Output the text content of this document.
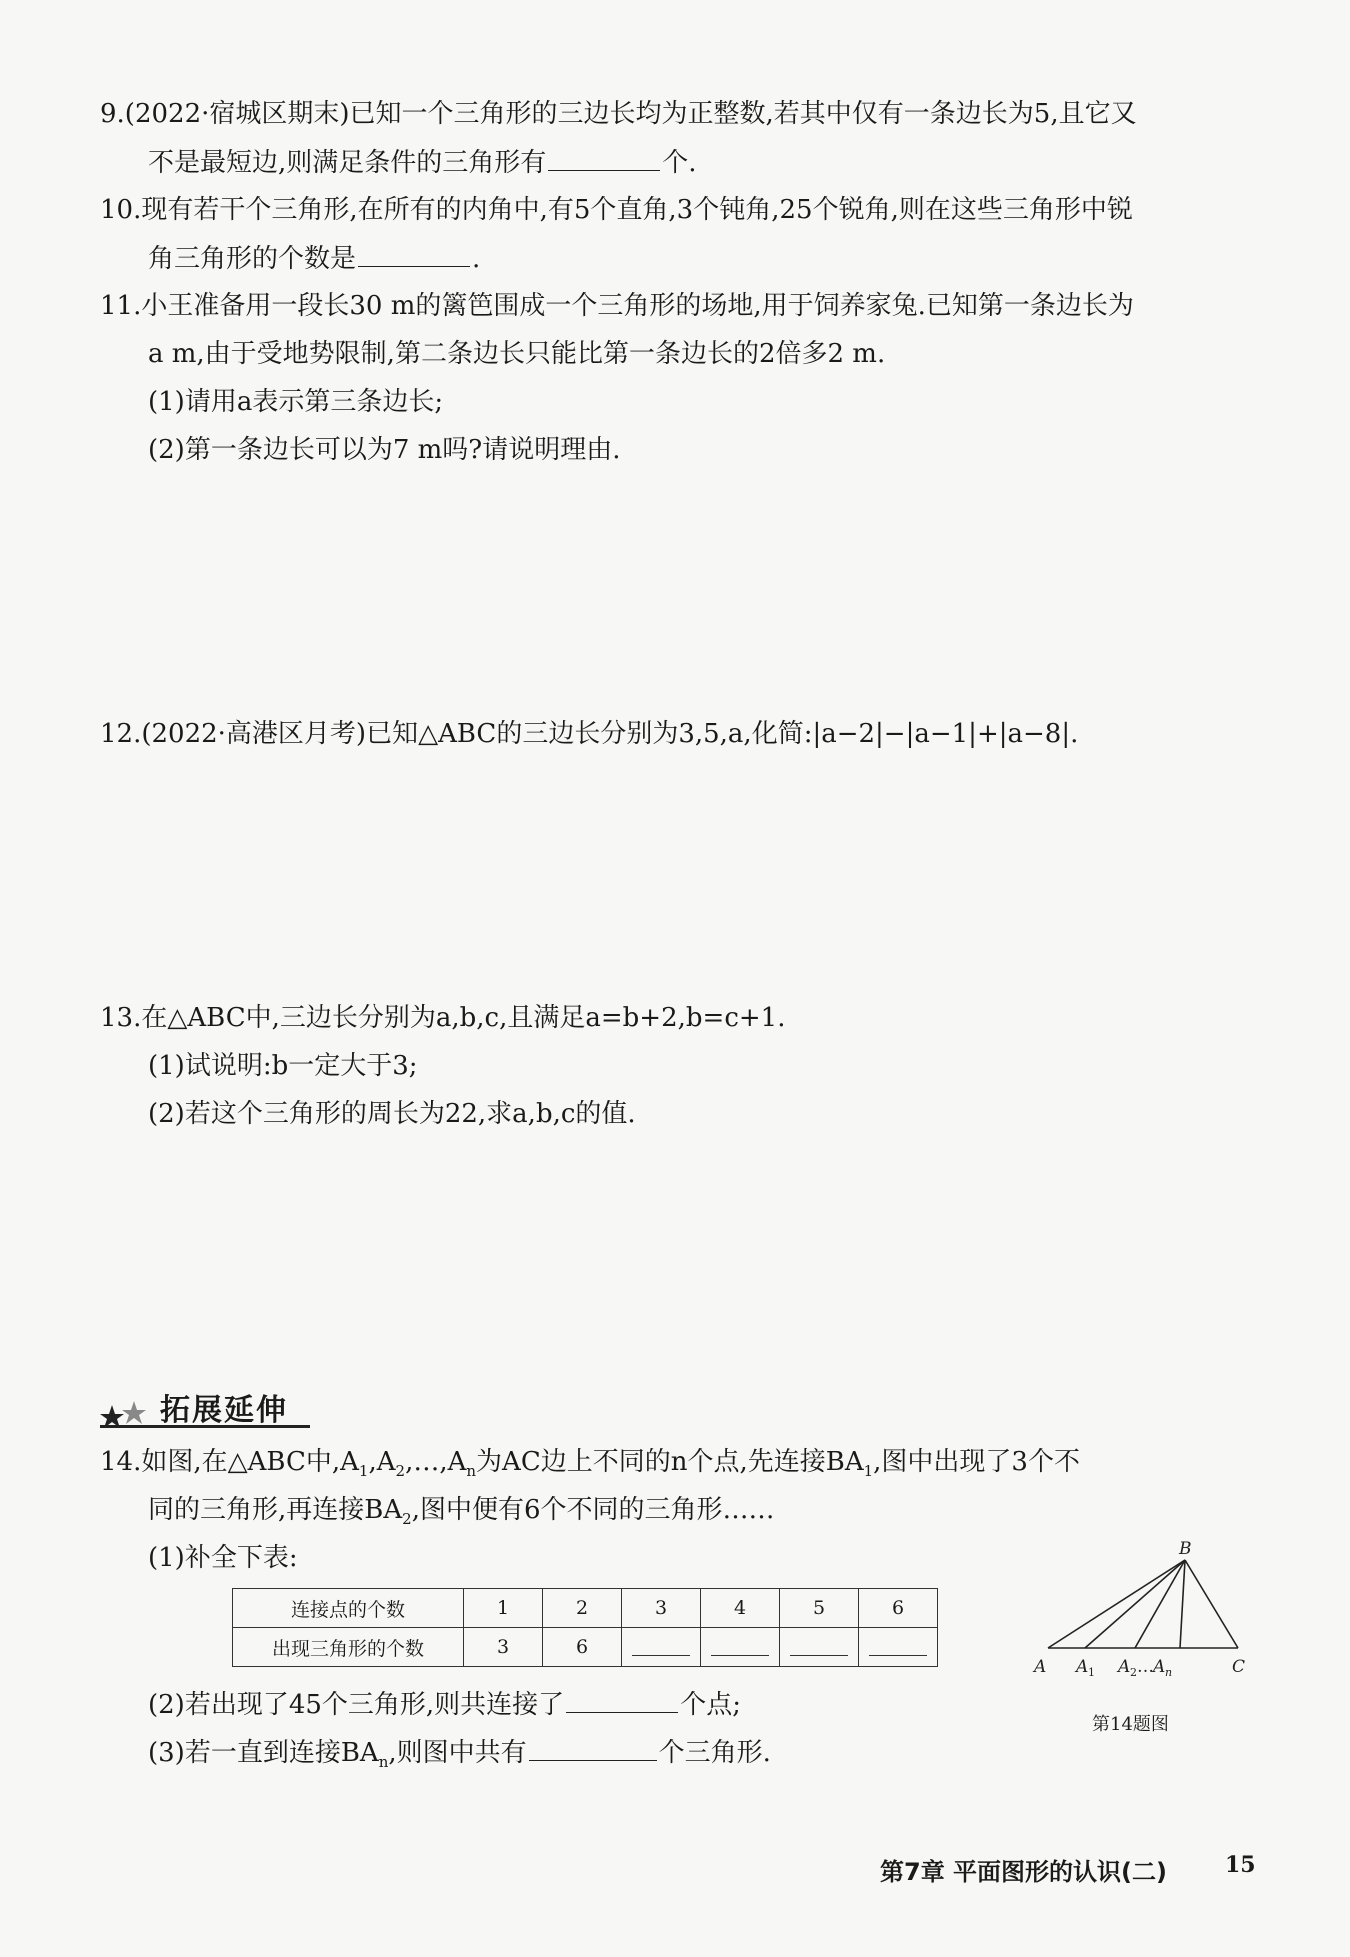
9.(2022·宿城区期末)已知一个三角形的三边长均为正整数,若其中仅有一条边长为5,且它又
不是最短边,则满足条件的三角形有	个.
10.现有若干个三角形,在所有的内角中,有5个直角,3个钝角,25个锐角,则在这些三角形中锐
角三角形的个数是	.
11.小王准备用一段长30 m的篱笆围成一个三角形的场地,用于饲养家兔.已知第一条边长为
a m,由于受地势限制,第二条边长只能比第一条边长的2倍多2 m.
(1)请用a表示第三条边长;
(2)第一条边长可以为7 m吗?请说明理由.
12.(2022·高港区月考)已知△ABC的三边长分别为3,5,a,化简:|a−2|−|a−1|+|a−8|.
13.在△ABC中,三边长分别为a,b,c,且满足a=b+2,b=c+1.
(1)试说明:b一定大于3;
(2)若这个三角形的周长为22,求a,b,c的值.
拓展延伸
14.如图,在△ABC中$,A_1,A_2,\dots,A_n$为AC边上不同的n个点,先连接$BA_1$,图中出现了3个不
同的三角形,再连接$BA_2$,图中便有6个不同的三角形……
(1)补全下表:
连接点的个数	1	2	3	4	5	6
出现三角形的个数	3	6				
B
A A 1 A 2 … A n	C
第14题图
(2)若出现了45个三角形,则共连接了	个点;
(3)若一直到连接$BA_n$,则图中共有	个三角形.
第7章 平面图形的认识(二)	15
